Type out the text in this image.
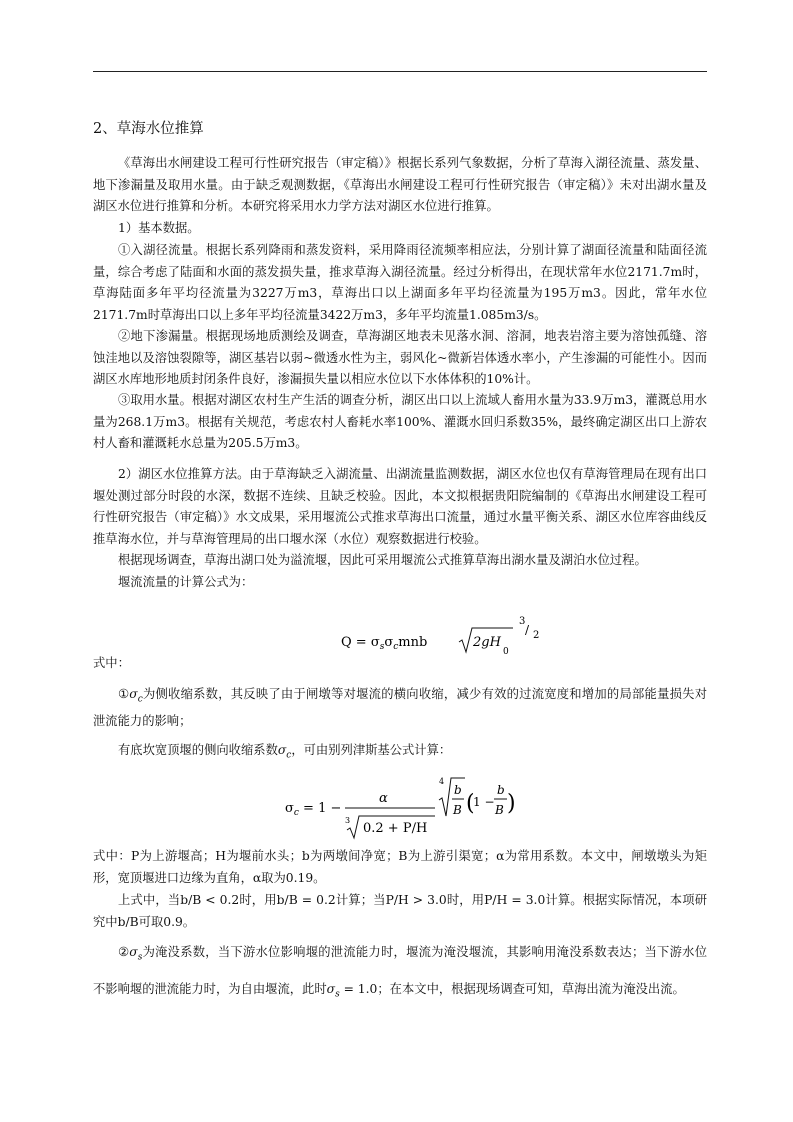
2、草海水位推算

《草海出水闸建设工程可行性研究报告（审定稿）》根据长系列气象数据，分析了草海入湖径流量、蒸发量、地下渗漏量及取用水量。由于缺乏观测数据，《草海出水闸建设工程可行性研究报告（审定稿）》未对出湖水量及湖区水位进行推算和分析。本研究将采用水力学方法对湖区水位进行推算。

1）基本数据。

①入湖径流量。根据长系列降雨和蒸发资料，采用降雨径流频率相应法，分别计算了湖面径流量和陆面径流量，综合考虑了陆面和水面的蒸发损失量，推求草海入湖径流量。经过分析得出，在现状常年水位2171.7m时，草海陆面多年平均径流量为3227万m3，草海出口以上湖面多年平均径流量为195万m3。因此，常年水位2171.7m时草海出口以上多年平均径流量3422万m3，多年平均流量1.085m3/s。

②地下渗漏量。根据现场地质测绘及调查，草海湖区地表未见落水洞、溶洞，地表岩溶主要为溶蚀孤缝、溶蚀洼地以及溶蚀裂隙等，湖区基岩以弱~微透水性为主，弱风化~微新岩体透水率小，产生渗漏的可能性小。因而湖区水库地形地质封闭条件良好，渗漏损失量以相应水位以下水体体积的10%计。

③取用水量。根据对湖区农村生产生活的调查分析，湖区出口以上流域人畜用水量为33.9万m3，灌溉总用水量为268.1万m3。根据有关规范，考虑农村人畜耗水率100%、灌溉水回归系数35%，最终确定湖区出口上游农村人畜和灌溉耗水总量为205.5万m3。

2）湖区水位推算方法。由于草海缺乏入湖流量、出湖流量监测数据，湖区水位也仅有草海管理局在现有出口堰处测过部分时段的水深，数据不连续、且缺乏校验。因此，本文拟根据贵阳院编制的《草海出水闸建设工程可行性研究报告（审定稿）》水文成果，采用堰流公式推求草海出口流量，通过水量平衡关系、湖区水位库容曲线反推草海水位，并与草海管理局的出口堰水深（水位）观察数据进行校验。

根据现场调查，草海出湖口处为溢流堰，因此可采用堰流公式推算草海出湖水量及湖泊水位过程。

堰流流量的计算公式为：

$Q = \sigma_s\sigma_cmnb$	2gH
0
3
/ 2

式中：

$①\sigma_c$为侧收缩系数，其反映了由于闸墩等对堰流的横向收缩，减少有效的过流宽度和增加的局部能量损失对泄流能力的影响；

有底坎宽顶堰的侧向收缩系数$\sigma_c$，可由别列津斯基公式计算：

$\sigma_c = 1$ −
α
3
0.2 + P/H
4
b
B (
1 −
b
B )

式中：P为上游堰高；H为堰前水头；b为两墩间净宽；B为上游引渠宽；α为常用系数。本文中，闸墩墩头为矩形，宽顶堰进口边缘为直角，α取为0.19。

上式中，当b/B < 0.2时，用b/B = 0.2计算；当P/H > 3.0时，用P/H = 3.0计算。根据实际情况，本项研究中b/B可取0.9。

$②\sigma_s$为淹没系数，当下游水位影响堰的泄流能力时，堰流为淹没堰流，其影响用淹没系数表达；当下游水位不影响堰的泄流能力时，为自由堰流，此时$\sigma_s = 1.0$；在本文中，根据现场调查可知，草海出流为淹没出流。
